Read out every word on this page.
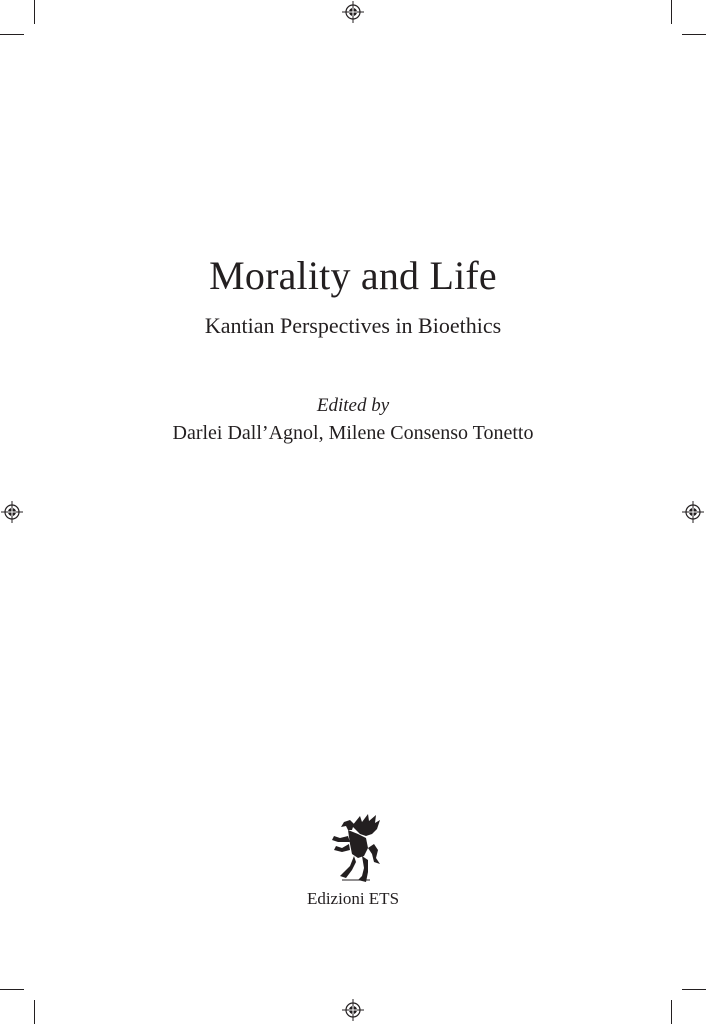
Morality and Life
Kantian Perspectives in Bioethics
Edited by
Darlei Dall’Agnol, Milene Consenso Tonetto
Edizioni ETS
